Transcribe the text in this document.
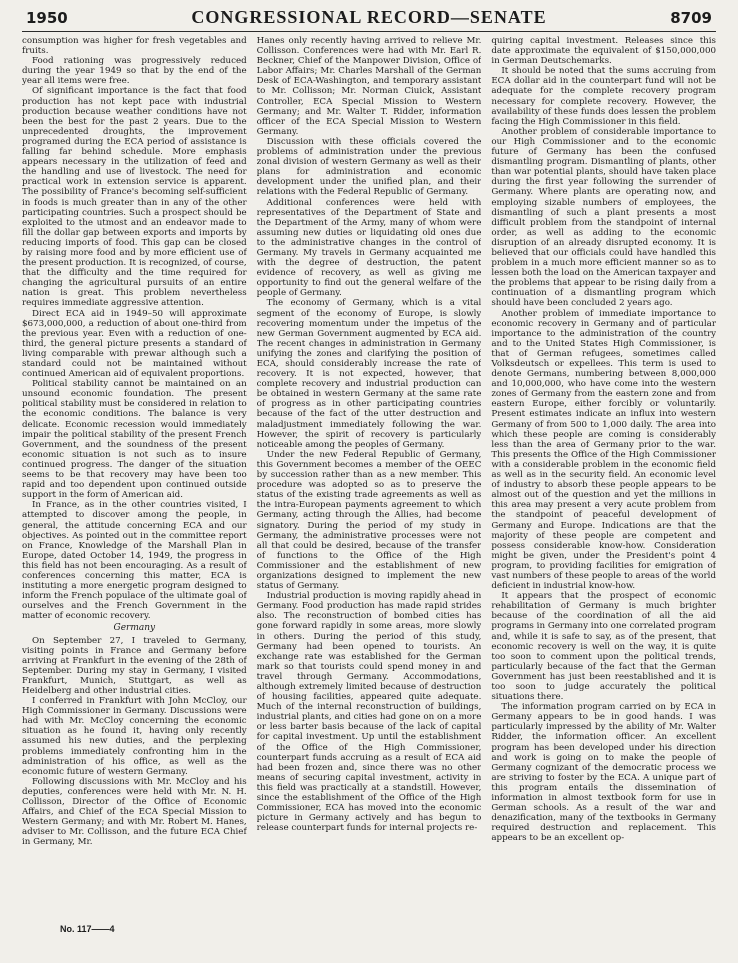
1950	CONGRESSIONAL RECORD—SENATE	8709

consumption was higher for fresh vegetables and fruits.

Food rationing was progressively reduced during the year 1949 so that by the end of the year all items were free.

Of significant importance is the fact that food production has not kept pace with industrial production because weather conditions have not been the best for the past 2 years. Due to the unprecedented droughts, the improvement programed during the ECA period of assistance is falling far behind schedule. More emphasis appears necessary in the utilization of feed and the handling and use of livestock. The need for practical work in extension service is apparent. The possibility of France's becoming self-sufficient in foods is much greater than in any of the other participating countries. Such a prospect should be exploited to the utmost and an endeavor made to fill the dollar gap between exports and imports by reducing imports of food. This gap can be closed by raising more food and by more efficient use of the present production. It is recognized, of course, that the difficulty and the time required for changing the agricultural pursuits of an entire nation is great. This problem nevertheless requires immediate aggressive attention.

Direct ECA aid in 1949–50 will approximate $673,000,000, a reduction of about one-third from the previous year. Even with a reduction of one-third, the general picture presents a standard of living comparable with prewar although such a standard could not be maintained without continued American aid of equivalent proportions.

Political stability cannot be maintained on an unsound economic foundation. The present political stability must be considered in relation to the economic conditions. The balance is very delicate. Economic recession would immediately impair the political stability of the present French Government, and the soundness of the present economic situation is not such as to insure continued progress. The danger of the situation seems to be that recovery may have been too rapid and too dependent upon continued outside support in the form of American aid.

In France, as in the other countries visited, I attempted to discover among the people, in general, the attitude concerning ECA and our objectives. As pointed out in the committee report on France, Knowledge of the Marshall Plan in Europe, dated October 14, 1949, the progress in this field has not been encouraging. As a result of conferences concerning this matter, ECA is instituting a more energetic program designed to inform the French populace of the ultimate goal of ourselves and the French Government in the matter of economic recovery.

Germany

On September 27, I traveled to Germany, visiting points in France and Germany before arriving at Frankfurt in the evening of the 28th of September. During my stay in Germany, I visited Frankfurt, Munich, Stuttgart, as well as Heidelberg and other industrial cities.

I conferred in Frankfurt with John McCloy, our High Commissioner in Germany. Discussions were had with Mr. McCloy concerning the economic situation as he found it, having only recently assumed his new duties, and the perplexing problems immediately confronting him in the administration of his office, as well as the economic future of western Germany.

Following discussions with Mr. McCloy and his deputies, conferences were held with Mr. N. H. Collisson, Director of the Office of Economic Affairs, and Chief of the ECA Special Mission to Western Germany; and with Mr. Robert M. Hanes, adviser to Mr. Collisson, and the future ECA Chief in Germany, Mr.

Hanes only recently having arrived to relieve Mr. Collisson. Conferences were had with Mr. Earl R. Beckner, Chief of the Manpower Division, Office of Labor Affairs; Mr. Charles Marshall of the German Desk of ECA-Washington, and temporary assistant to Mr. Collisson; Mr. Norman Ciuick, Assistant Controller, ECA Special Mission to Western Germany; and Mr. Walter T. Ridder, information officer of the ECA Special Mission to Western Germany.

Discussion with these officials covered the problems of administration under the previous zonal division of western Germany as well as their plans for administration and economic development under the unified plan, and their relations with the Federal Republic of Germany.

Additional conferences were held with representatives of the Department of State and the Department of the Army, many of whom were assuming new duties or liquidating old ones due to the administrative changes in the control of Germany. My travels in Germany acquainted me with the degree of destruction, the patent evidence of recovery, as well as giving me opportunity to find out the general welfare of the people of Germany.

The economy of Germany, which is a vital segment of the economy of Europe, is slowly recovering momentum under the impetus of the new German Government augmented by ECA aid. The recent changes in administration in Germany unifying the zones and clarifying the position of ECA, should considerably increase the rate of recovery. It is not expected, however, that complete recovery and industrial production can be obtained in western Germany at the same rate of progress as in other participating countries because of the fact of the utter destruction and maladjustment immediately following the war. However, the spirit of recovery is particularly noticeable among the peoples of Germany.

Under the new Federal Republic of Germany, this Government becomes a member of the OEEC by succession rather than as a new member. This procedure was adopted so as to preserve the status of the existing trade agreements as well as the intra-European payments agreement to which Germany, acting through the Allies, had become signatory. During the period of my study in Germany, the administrative processes were not all that could be desired, because of the transfer of functions to the Office of the High Commissioner and the establishment of new organizations designed to implement the new status of Germany.

Industrial production is moving rapidly ahead in Germany. Food production has made rapid strides also. The reconstruction of bombed cities has gone forward rapidly in some areas, more slowly in others. During the period of this study, Germany had been opened to tourists. An exchange rate was established for the German mark so that tourists could spend money in and travel through Germany. Accommodations, although extremely limited because of destruction of housing facilities, appeared quite adequate. Much of the internal reconstruction of buildings, industrial plants, and cities had gone on on a more or less barter basis because of the lack of capital for capital investment. Up until the establishment of the Office of the High Commissioner, counterpart funds accruing as a result of ECA aid had been frozen and, since there was no other means of securing capital investment, activity in this field was practically at a standstill. However, since the establishment of the Office of the High Commissioner, ECA has moved into the economic picture in Germany actively and has begun to release counterpart funds for internal projects re-

quiring capital investment. Releases since this date approximate the equivalent of $150,000,000 in German Deutschemarks.

It should be noted that the sums accruing from ECA dollar aid in the counterpart fund will not be adequate for the complete recovery program necessary for complete recovery. However, the availability of these funds does lessen the problem facing the High Commissioner in this field.

Another problem of considerable importance to our High Commissioner and to the economic future of Germany has been the confused dismantling program. Dismantling of plants, other than war potential plants, should have taken place during the first year following the surrender of Germany. Where plants are operating now, and employing sizable numbers of employees, the dismantling of such a plant presents a most difficult problem from the standpoint of internal order, as well as adding to the economic disruption of an already disrupted economy. It is believed that our officials could have handled this problem in a much more efficient manner so as to lessen both the load on the American taxpayer and the problems that appear to be rising daily from a continuation of a dismantling program which should have been concluded 2 years ago.

Another problem of immediate importance to economic recovery in Germany and of particular importance to the administration of the country and to the United States High Commissioner, is that of German refugees, sometimes called Volksdeutsch or expellees. This term is used to denote Germans, numbering between 8,000,000 and 10,000,000, who have come into the western zones of Germany from the eastern zone and from eastern Europe, either forcibly or voluntarily. Present estimates indicate an influx into western Germany of from 500 to 1,000 daily. The area into which these people are coming is considerably less than the area of Germany prior to the war. This presents the Office of the High Commissioner with a considerable problem in the economic field as well as in the security field. An economic level of industry to absorb these people appears to be almost out of the question and yet the millions in this area may present a very acute problem from the standpoint of peaceful development of Germany and Europe. Indications are that the majority of these people are competent and possess considerable know-how. Consideration might be given, under the President's point 4 program, to providing facilities for emigration of vast numbers of these people to areas of the world deficient in industrial know-how.

It appears that the prospect of economic rehabilitation of Germany is much brighter because of the coordination of all the aid programs in Germany into one correlated program and, while it is safe to say, as of the present, that economic recovery is well on the way, it is quite too soon to comment upon the political trends, particularly because of the fact that the German Government has just been reestablished and it is too soon to judge accurately the political situations there.

The information program carried on by ECA in Germany appears to be in good hands. I was particularly impressed by the ability of Mr. Walter Ridder, the information officer. An excellent program has been developed under his direction and work is going on to make the people of Germany cognizant of the democratic process we are striving to foster by the ECA. A unique part of this program entails the dissemination of information in almost textbook form for use in German schools. As a result of the war and denazification, many of the textbooks in Germany required destruction and replacement. This appears to be an excellent op-

No. 117——4
